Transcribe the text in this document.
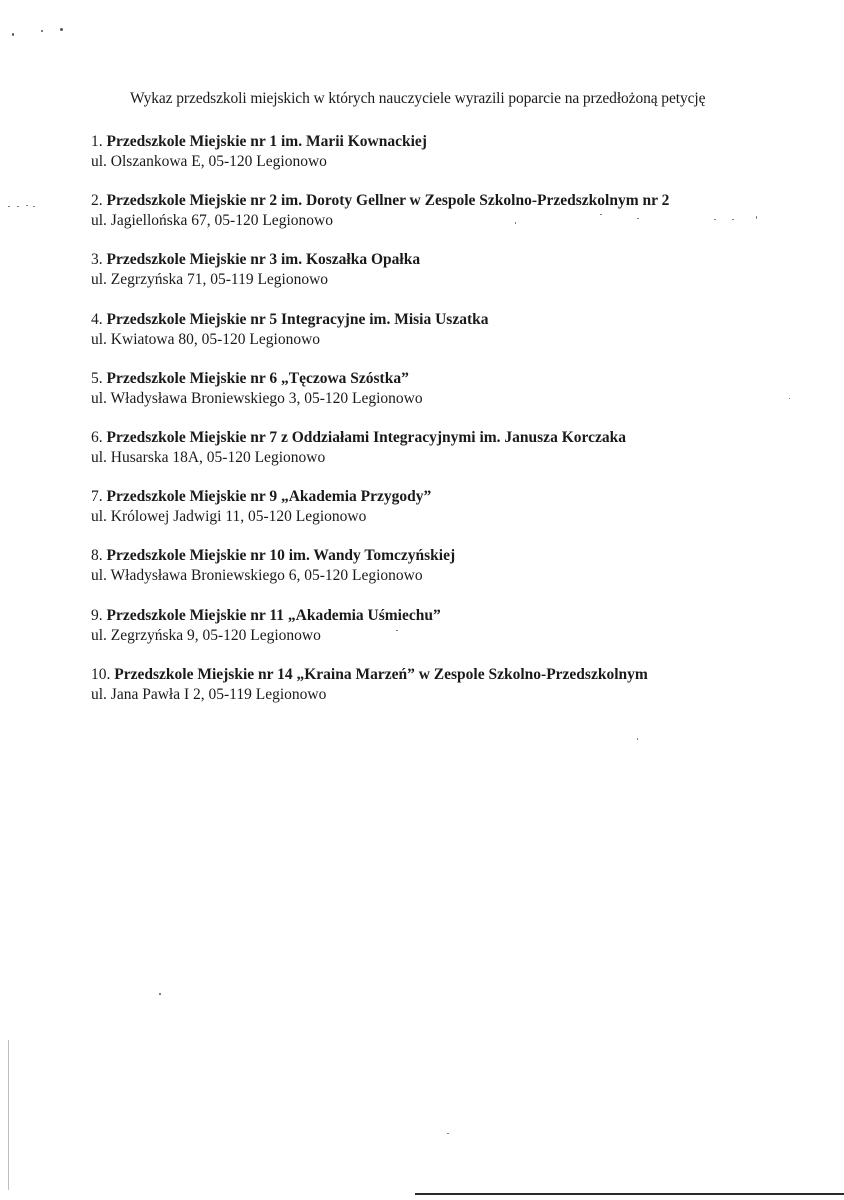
Wykaz przedszkoli miejskich w których nauczyciele wyrazili poparcie na przedłożoną petycję
1. Przedszkole Miejskie nr 1 im. Marii Kownackiej
ul. Olszankowa E, 05-120 Legionowo
2. Przedszkole Miejskie nr 2 im. Doroty Gellner w Zespole Szkolno-Przedszkolnym nr 2
ul. Jagiellońska 67, 05-120 Legionowo
3. Przedszkole Miejskie nr 3 im. Koszałka Opałka
ul. Zegrzyńska 71, 05-119 Legionowo
4. Przedszkole Miejskie nr 5 Integracyjne im. Misia Uszatka
ul. Kwiatowa 80, 05-120 Legionowo
5. Przedszkole Miejskie nr 6 „Tęczowa Szóstka”
ul. Władysława Broniewskiego 3, 05-120 Legionowo
6. Przedszkole Miejskie nr 7 z Oddziałami Integracyjnymi im. Janusza Korczaka
ul. Husarska 18A, 05-120 Legionowo
7. Przedszkole Miejskie nr 9 „Akademia Przygody”
ul. Królowej Jadwigi 11, 05-120 Legionowo
8. Przedszkole Miejskie nr 10 im. Wandy Tomczyńskiej
ul. Władysława Broniewskiego 6, 05-120 Legionowo
9. Przedszkole Miejskie nr 11 „Akademia Uśmiechu”
ul. Zegrzyńska 9, 05-120 Legionowo
10. Przedszkole Miejskie nr 14 „Kraina Marzeń” w Zespole Szkolno-Przedszkolnym
ul. Jana Pawła I 2, 05-119 Legionowo
